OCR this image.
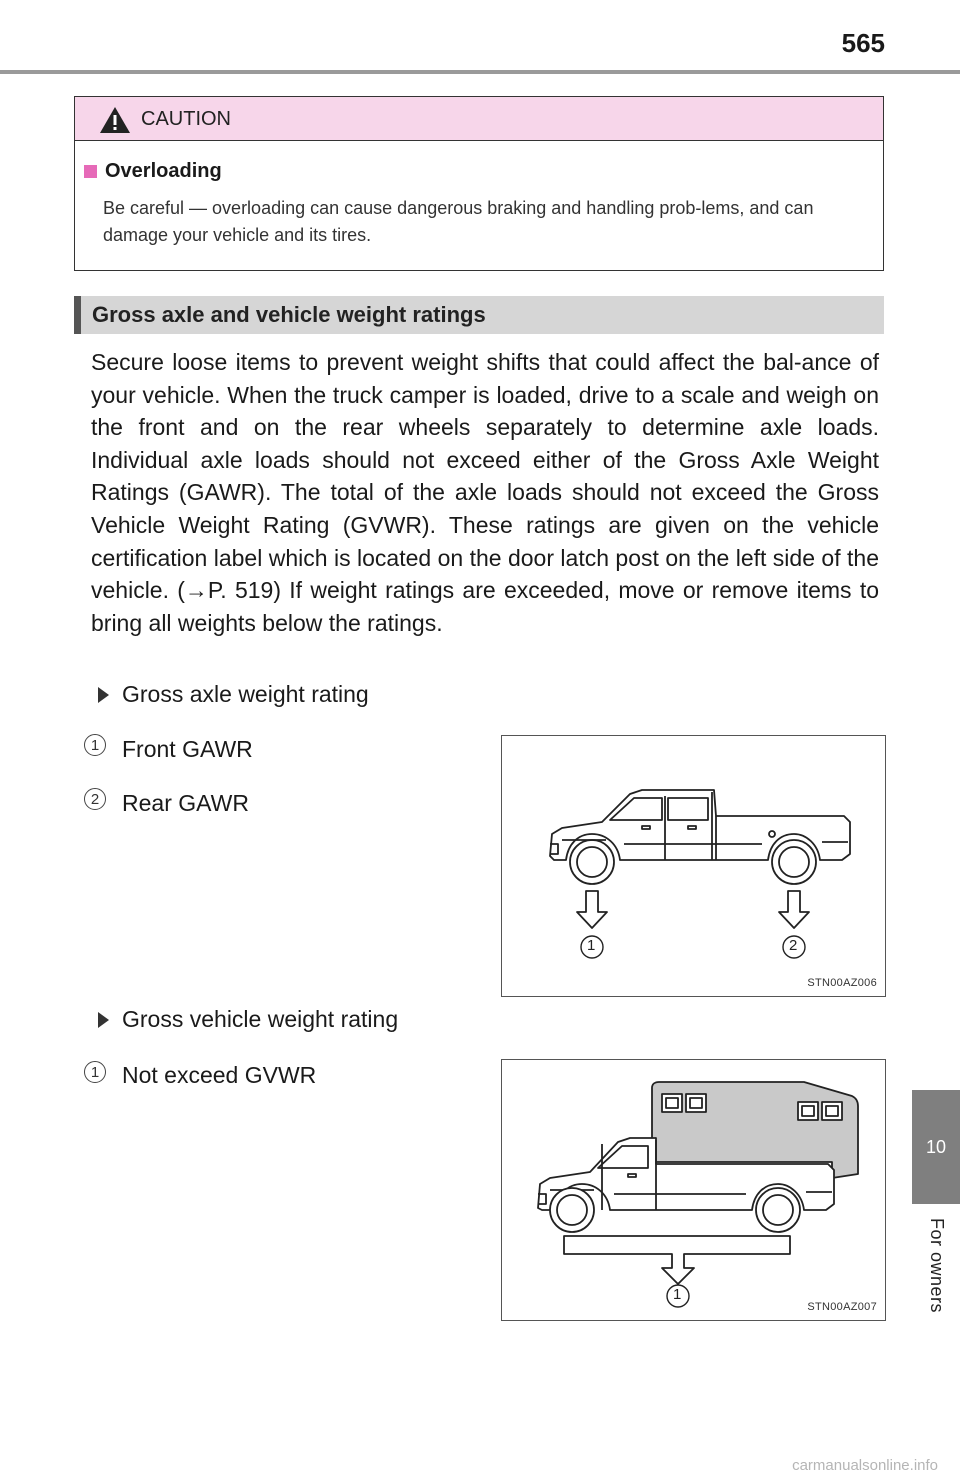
565
10
For owners
CAUTION
Overloading
Be careful — overloading can cause dangerous braking and handling prob-lems, and can damage your vehicle and its tires.
Gross axle and vehicle weight ratings
Secure loose items to prevent weight shifts that could affect the bal-ance of your vehicle. When the truck camper is loaded, drive to a scale and weigh on the front and on the rear wheels separately to determine axle loads. Individual axle loads should not exceed either of the Gross Axle Weight Ratings (GAWR). The total of the axle loads should not exceed the Gross Vehicle Weight Rating (GVWR). These ratings are given on the vehicle certification label which is located on the door latch post on the left side of the vehicle. (→P. 519) If weight ratings are exceeded, move or remove items to bring all weights below the ratings.
Gross axle weight rating
1 Front GAWR
2 Rear GAWR
1	2
STN00AZ006
Gross vehicle weight rating
1 Not exceed GVWR
1
STN00AZ007
carmanualsonline.info
